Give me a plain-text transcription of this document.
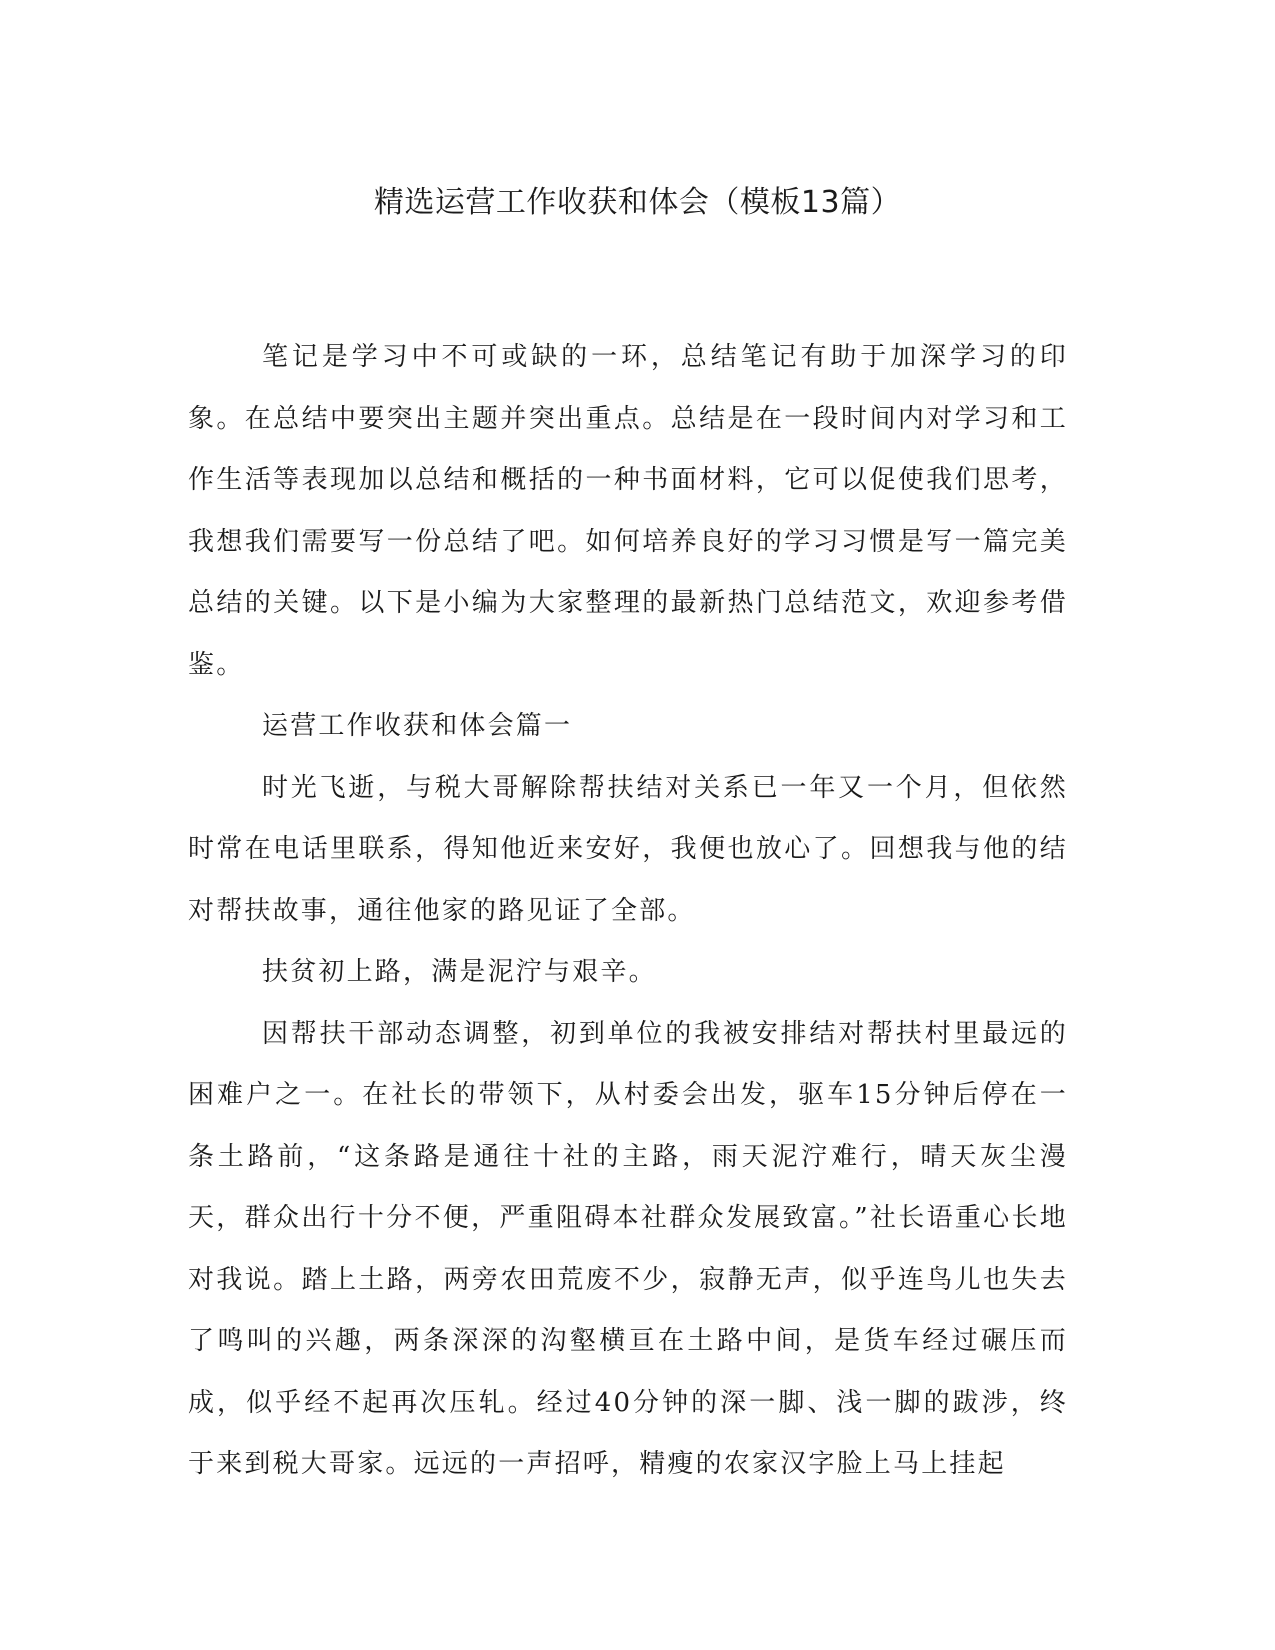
精选运营工作收获和体会（模板13篇）

笔记是学习中不可或缺的一环，总结笔记有助于加深学习的印象。在总结中要突出主题并突出重点。总结是在一段时间内对学习和工作生活等表现加以总结和概括的一种书面材料，它可以促使我们思考，我想我们需要写一份总结了吧。如何培养良好的学习习惯是写一篇完美总结的关键。以下是小编为大家整理的最新热门总结范文，欢迎参考借鉴。

运营工作收获和体会篇一

时光飞逝，与税大哥解除帮扶结对关系已一年又一个月，但依然时常在电话里联系，得知他近来安好，我便也放心了。回想我与他的结对帮扶故事，通往他家的路见证了全部。

扶贫初上路，满是泥泞与艰辛。

因帮扶干部动态调整，初到单位的我被安排结对帮扶村里最远的困难户之一。在社长的带领下，从村委会出发，驱车15分钟后停在一条土路前，“这条路是通往十社的主路，雨天泥泞难行，晴天灰尘漫天，群众出行十分不便，严重阻碍本社群众发展致富。”社长语重心长地对我说。踏上土路，两旁农田荒废不少，寂静无声，似乎连鸟儿也失去了鸣叫的兴趣，两条深深的沟壑横亘在土路中间，是货车经过碾压而成，似乎经不起再次压轧。经过40分钟的深一脚、浅一脚的跋涉，终于来到税大哥家。远远的一声招呼，精瘦的农家汉字脸上马上挂起
